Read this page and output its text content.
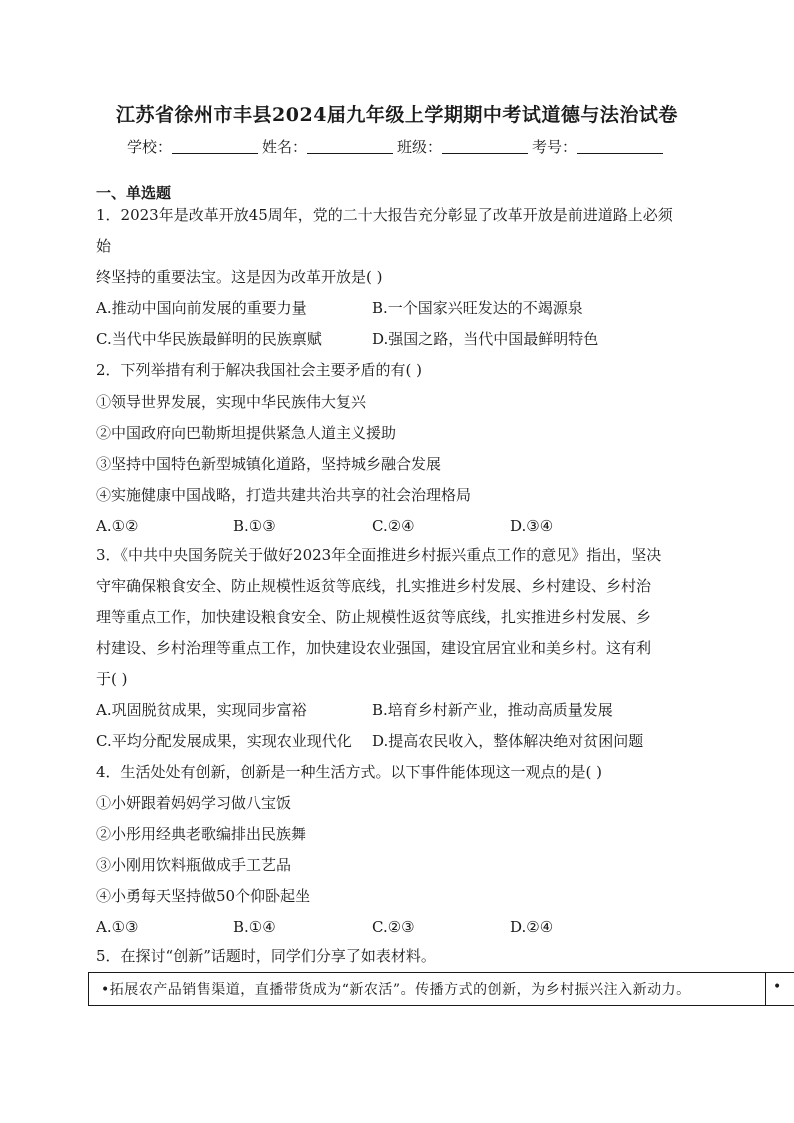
江苏省徐州市丰县2024届九年级上学期期中考试道德与法治试卷
学校：	姓名：	班级：	考号：
一、单选题
1．2023年是改革开放45周年，党的二十大报告充分彰显了改革开放是前进道路上必须
始
终坚持的重要法宝。这是因为改革开放是( )
A.推动中国向前发展的重要力量	B.一个国家兴旺发达的不竭源泉
C.当代中华民族最鲜明的民族禀赋	D.强国之路，当代中国最鲜明特色
2．下列举措有利于解决我国社会主要矛盾的有( )
①领导世界发展，实现中华民族伟大复兴
②中国政府向巴勒斯坦提供紧急人道主义援助
③坚持中国特色新型城镇化道路，坚持城乡融合发展
④实施健康中国战略，打造共建共治共享的社会治理格局
A.①②	B.①③	C.②④	D.③④
3．《中共中央国务院关于做好2023年全面推进乡村振兴重点工作的意见》指出，坚决
守牢确保粮食安全、防止规模性返贫等底线，扎实推进乡村发展、乡村建设、乡村治
理等重点工作，加快建设粮食安全、防止规模性返贫等底线，扎实推进乡村发展、乡
村建设、乡村治理等重点工作，加快建设农业强国，建设宜居宜业和美乡村。这有利
于( )
A.巩固脱贫成果，实现同步富裕	B.培育乡村新产业，推动高质量发展
C.平均分配发展成果，实现农业现代化 D.提高农民收入，整体解决绝对贫困问题
4．生活处处有创新，创新是一种生活方式。以下事件能体现这一观点的是( )
①小妍跟着妈妈学习做八宝饭
②小彤用经典老歌编排出民族舞
③小刚用饮料瓶做成手工艺品
④小勇每天坚持做50个仰卧起坐
A.①③	B.①④	C.②③	D.②④
5．在探讨“创新”话题时，同学们分享了如表材料。
•拓展农产品销售渠道，直播带货成为“新农活”。传播方式的创新，为乡村振兴注入新动力。	•
